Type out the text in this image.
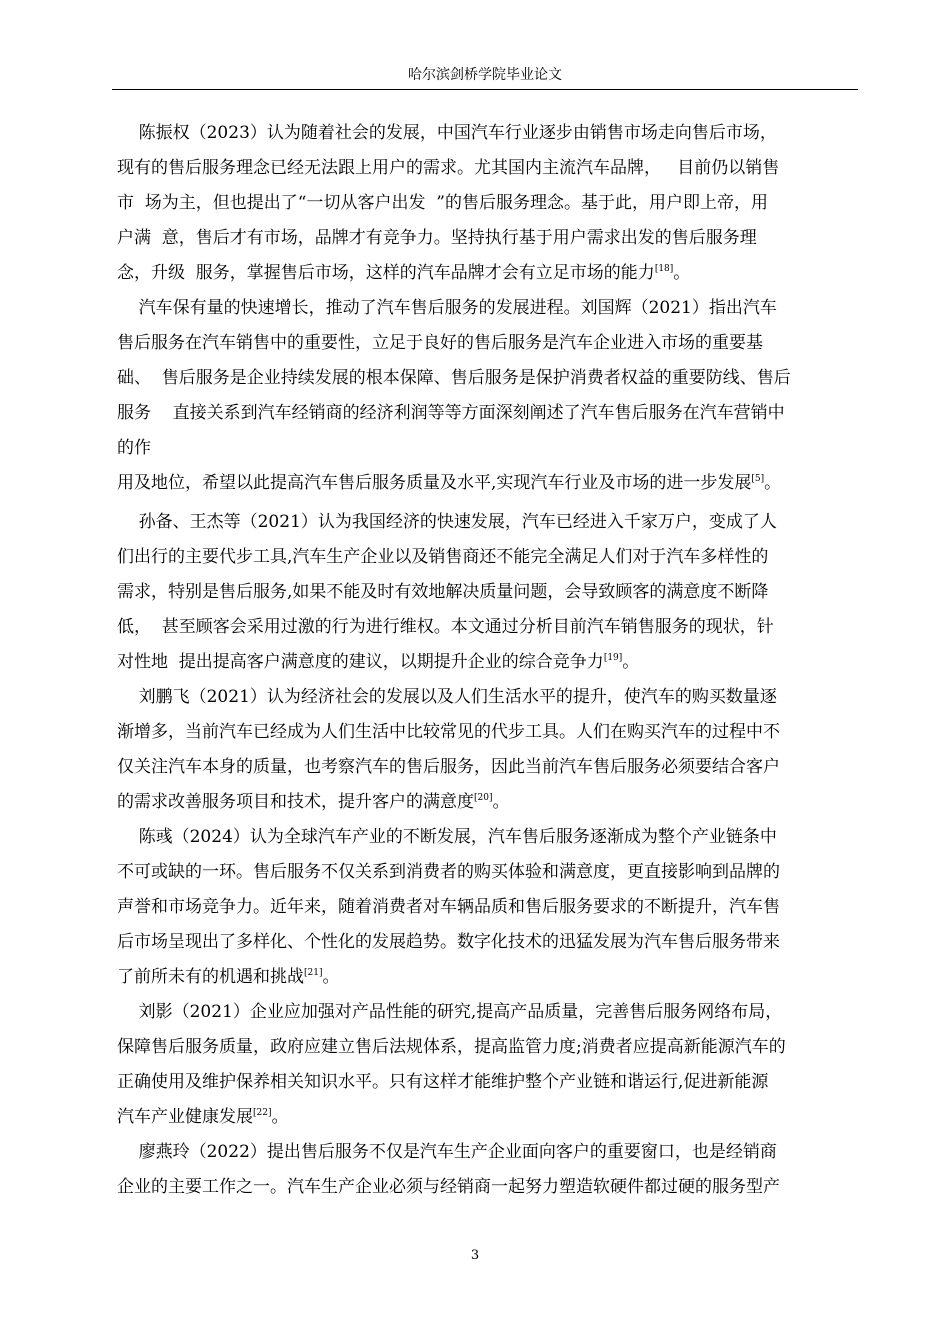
哈尔滨剑桥学院毕业论文
陈振权（2023）认为随着社会的发展，中国汽车行业逐步由销售市场走向售后市场，
现有的售后服务理念已经无法跟上用户的需求。尤其国内主流汽车品牌，   目前仍以销售
市  场为主，但也提出了“一切从客户出发  ”的售后服务理念。基于此，用户即上帝，用
户满  意，售后才有市场，品牌才有竞争力。坚持执行基于用户需求出发的售后服务理
念，升级  服务，掌握售后市场，这样的汽车品牌才会有立足市场的能力[18]。
汽车保有量的快速增长，推动了汽车售后服务的发展进程。刘国辉（2021）指出汽车
售后服务在汽车销售中的重要性，立足于良好的售后服务是汽车企业进入市场的重要基
础、  售后服务是企业持续发展的根本保障、售后服务是保护消费者权益的重要防线、售后
服务    直接关系到汽车经销商的经济利润等等方面深刻阐述了汽车售后服务在汽车营销中
的作
用及地位，希望以此提高汽车售后服务质量及水平,实现汽车行业及市场的进一步发展[5]。
孙备、王杰等（2021）认为我国经济的快速发展，汽车已经进入千家万户，变成了人
们出行的主要代步工具,汽车生产企业以及销售商还不能完全满足人们对于汽车多样性的
需求，特别是售后服务,如果不能及时有效地解决质量问题，会导致顾客的满意度不断降
低，  甚至顾客会采用过激的行为进行维权。本文通过分析目前汽车销售服务的现状，针
对性地  提出提高客户满意度的建议，以期提升企业的综合竞争力[19]。
刘鹏飞（2021）认为经济社会的发展以及人们生活水平的提升，使汽车的购买数量逐
渐增多，当前汽车已经成为人们生活中比较常见的代步工具。人们在购买汽车的过程中不
仅关注汽车本身的质量，也考察汽车的售后服务，因此当前汽车售后服务必须要结合客户
的需求改善服务项目和技术，提升客户的满意度[20]。
陈彧（2024）认为全球汽车产业的不断发展，汽车售后服务逐渐成为整个产业链条中
不可或缺的一环。售后服务不仅关系到消费者的购买体验和满意度，更直接影响到品牌的
声誉和市场竞争力。近年来，随着消费者对车辆品质和售后服务要求的不断提升，汽车售
后市场呈现出了多样化、个性化的发展趋势。数字化技术的迅猛发展为汽车售后服务带来
了前所未有的机遇和挑战[21]。
刘影（2021）企业应加强对产品性能的研究,提高产品质量，完善售后服务网络布局，
保障售后服务质量，政府应建立售后法规体系，提高监管力度;消费者应提高新能源汽车的
正确使用及维护保养相关知识水平。只有这样才能维护整个产业链和谐运行,促进新能源
汽车产业健康发展[22]。
廖燕玲（2022）提出售后服务不仅是汽车生产企业面向客户的重要窗口，也是经销商
企业的主要工作之一。汽车生产企业必须与经销商一起努力塑造软硬件都过硬的服务型产
3
